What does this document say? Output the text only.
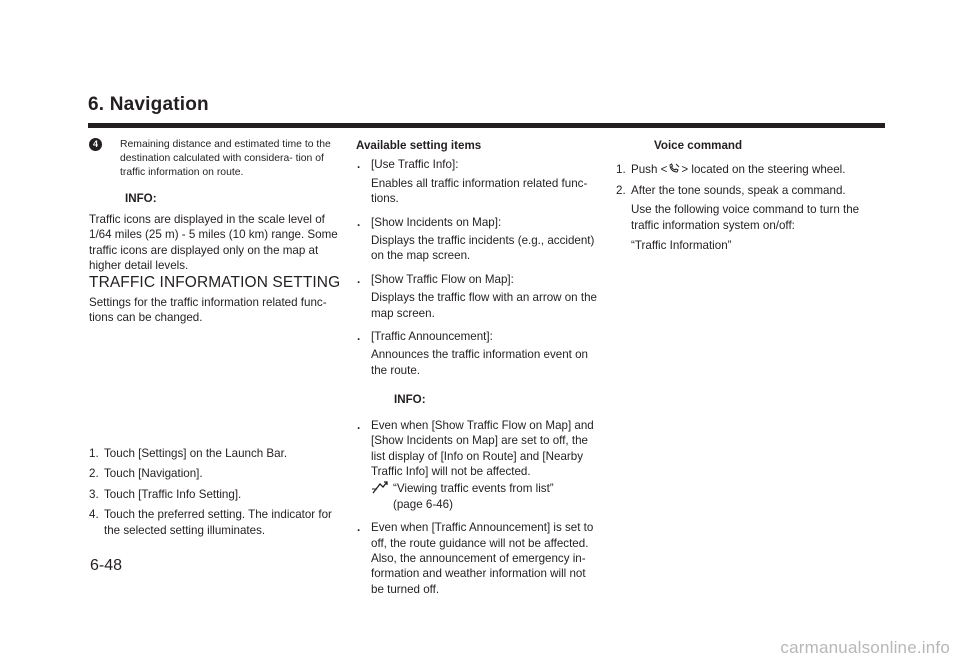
6. Navigation
4	Remaining distance and estimated time to the destination calculated with considera- tion of traffic information on route.
INFO:

Traffic icons are displayed in the scale level of 1/64 miles (25 m) - 5 miles (10 km) range. Some traffic icons are displayed only on the map at higher detail levels.

TRAFFIC INFORMATION SETTING

Settings for the traffic information related func- tions can be changed.

1. Touch [Settings] on the Launch Bar.
2. Touch [Navigation].
3. Touch [Traffic Info Setting].
4. Touch the preferred setting. The indicator for the selected setting illuminates.

Available setting items

. [Use Traffic Info]:
Enables all traffic information related func- tions.
. [Show Incidents on Map]:
Displays the traffic incidents (e.g., accident) on the map screen.
. [Show Traffic Flow on Map]:
Displays the traffic flow with an arrow on the map screen.
. [Traffic Announcement]:
Announces the traffic information event on the route.

INFO:

. Even when [Show Traffic Flow on Map] and [Show Incidents on Map] are set to off, the list display of [Info on Route] and [Nearby Traffic Info] will not be affected.
“Viewing traffic events from list”
(page 6-46)
. Even when [Traffic Announcement] is set to off, the route guidance will not be affected. Also, the announcement of emergency in- formation and weather information will not be turned off.

Voice command

1. Push < > located on the steering wheel.
2. After the tone sounds, speak a command.
Use the following voice command to turn the traffic information system on/off:
“Traffic Information”
6-48
carmanualsonline.info
